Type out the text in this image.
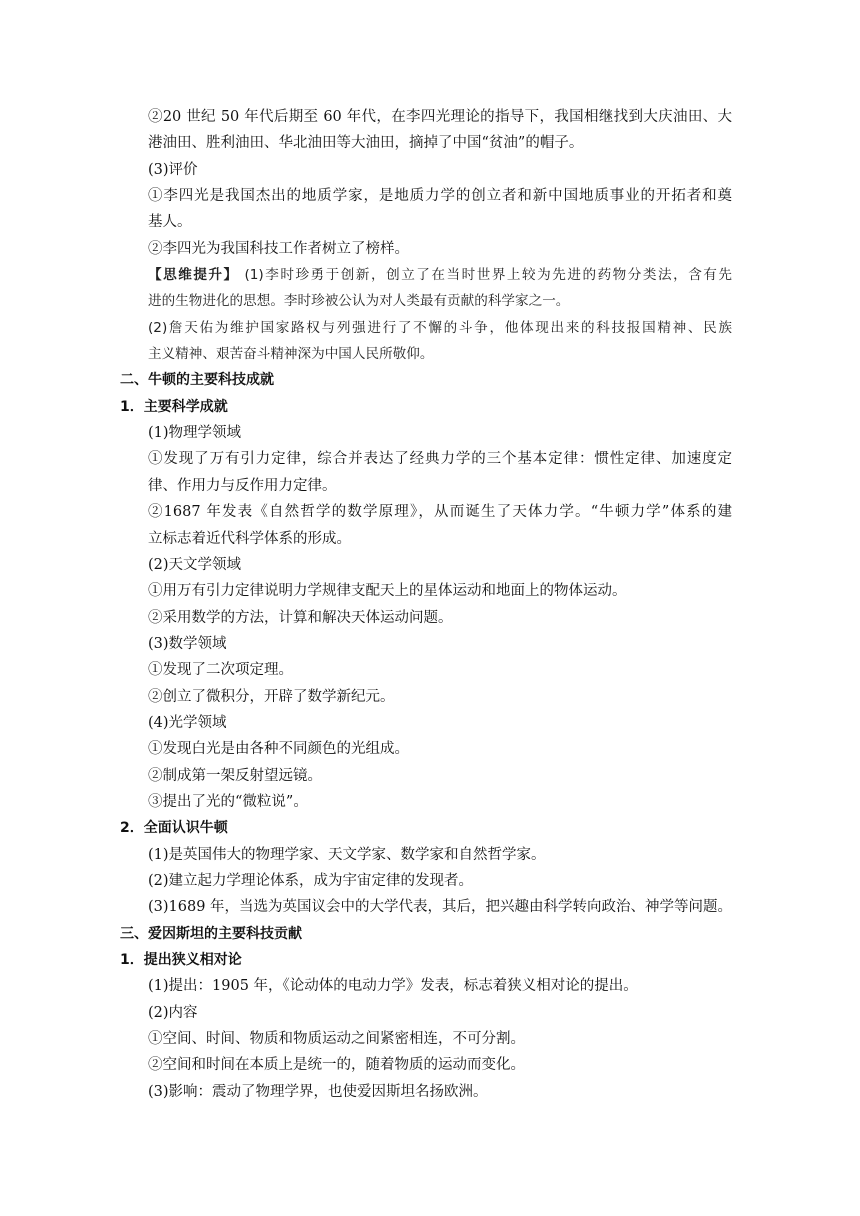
②20 世纪 50 年代后期至 60 年代，在李四光理论的指导下，我国相继找到大庆油田、大
港油田、胜利油田、华北油田等大油田，摘掉了中国“贫油”的帽子。
(3)评价
①李四光是我国杰出的地质学家，是地质力学的创立者和新中国地质事业的开拓者和奠
基人。
②李四光为我国科技工作者树立了榜样。
【思维提升】 (1)李时珍勇于创新，创立了在当时世界上较为先进的药物分类法，含有先
进的生物进化的思想。李时珍被公认为对人类最有贡献的科学家之一。
(2)詹天佑为维护国家路权与列强进行了不懈的斗争，他体现出来的科技报国精神、民族
主义精神、艰苦奋斗精神深为中国人民所敬仰。
二、牛顿的主要科技成就
1．主要科学成就
(1)物理学领域
①发现了万有引力定律，综合并表达了经典力学的三个基本定律：惯性定律、加速度定
律、作用力与反作用力定律。
②1687 年发表《自然哲学的数学原理》，从而诞生了天体力学。“牛顿力学”体系的建
立标志着近代科学体系的形成。
(2)天文学领域
①用万有引力定律说明力学规律支配天上的星体运动和地面上的物体运动。
②采用数学的方法，计算和解决天体运动问题。
(3)数学领域
①发现了二次项定理。
②创立了微积分，开辟了数学新纪元。
(4)光学领域
①发现白光是由各种不同颜色的光组成。
②制成第一架反射望远镜。
③提出了光的“微粒说”。
2．全面认识牛顿
(1)是英国伟大的物理学家、天文学家、数学家和自然哲学家。
(2)建立起力学理论体系，成为宇宙定律的发现者。
(3)1689 年，当选为英国议会中的大学代表，其后，把兴趣由科学转向政治、神学等问题。
三、爱因斯坦的主要科技贡献
1．提出狭义相对论
(1)提出：1905 年，《论动体的电动力学》发表，标志着狭义相对论的提出。
(2)内容
①空间、时间、物质和物质运动之间紧密相连，不可分割。
②空间和时间在本质上是统一的，随着物质的运动而变化。
(3)影响：震动了物理学界，也使爱因斯坦名扬欧洲。
